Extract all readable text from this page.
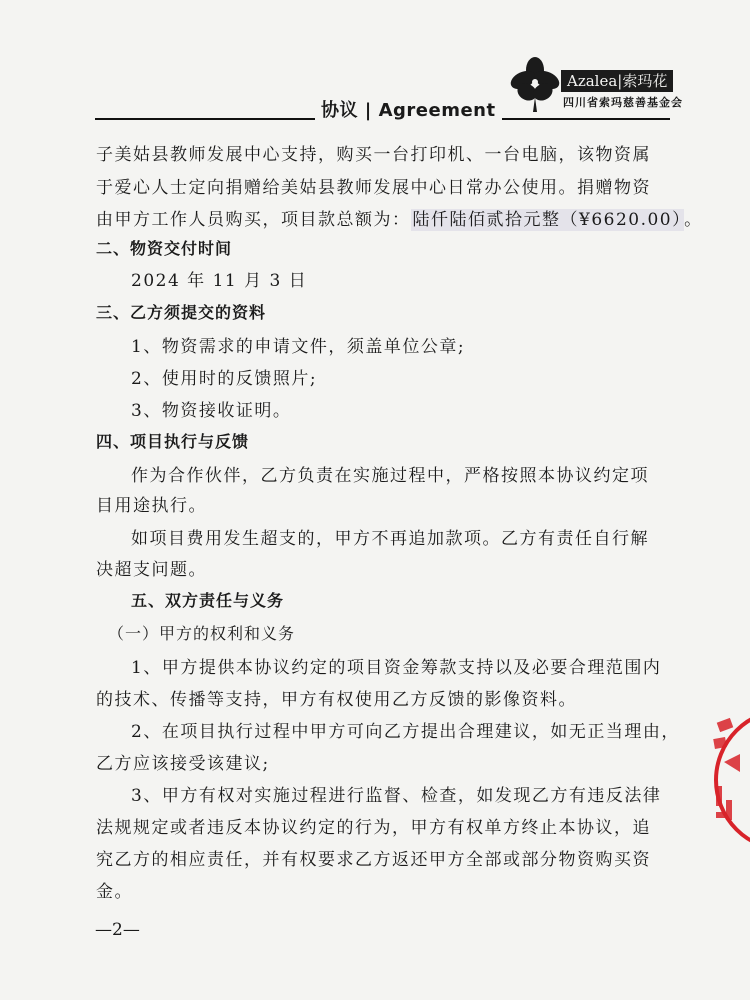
协议 | Agreement
Azalea|索玛花
四川省索玛慈善基金会
子美姑县教师发展中心支持，购买一台打印机、一台电脑，该物资属
于爱心人士定向捐赠给美姑县教师发展中心日常办公使用。捐赠物资
由甲方工作人员购买，项目款总额为： 陆仟陆佰贰拾元整（¥6620.00） 。
二、物资交付时间
2024 年 11 月 3 日
三、乙方须提交的资料
1、物资需求的申请文件，须盖单位公章;
2、使用时的反馈照片;
3、物资接收证明。
四、项目执行与反馈
作为合作伙伴，乙方负责在实施过程中，严格按照本协议约定项
目用途执行。
如项目费用发生超支的，甲方不再追加款项。乙方有责任自行解
决超支问题。
五、双方责任与义务
（一）甲方的权利和义务
1、甲方提供本协议约定的项目资金筹款支持以及必要合理范围内
的技术、传播等支持，甲方有权使用乙方反馈的影像资料。
2、在项目执行过程中甲方可向乙方提出合理建议，如无正当理由，
乙方应该接受该建议;
3、甲方有权对实施过程进行监督、检查，如发现乙方有违反法律
法规规定或者违反本协议约定的行为，甲方有权单方终止本协议，追
究乙方的相应责任，并有权要求乙方返还甲方全部或部分物资购买资
金。
—2—
